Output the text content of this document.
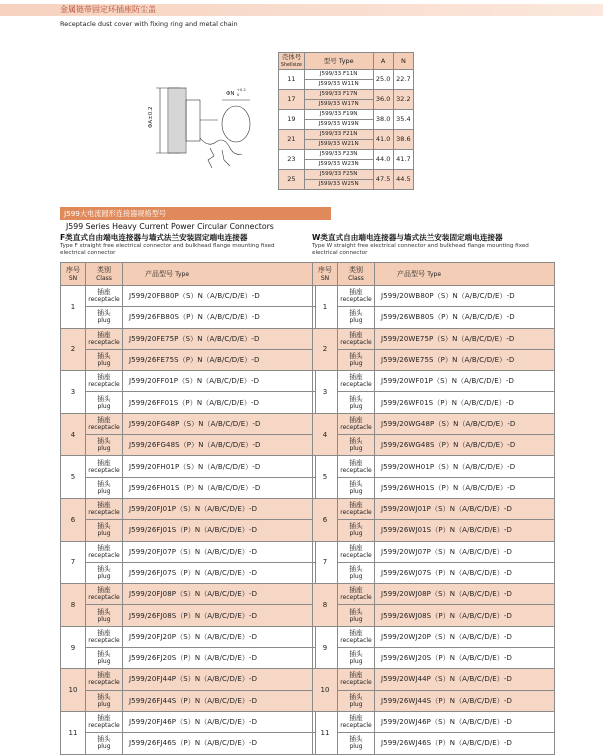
金属链带固定环插座防尘盖
Receptacle dust cover with fixing ring and metal chain
ΦA±0.2
ΦN
+0.2
0
壳体号
Shellsize	型号 Type	A	N
11	J599/33 F11N	25.0	22.7
	J599/33 W11N		
17	J599/33 F17N	36.0	32.2
	J599/33 W17N		
19	J599/33 F19N	38.0	35.4
	J599/33 W19N		
21	J599/33 F21N	41.0	38.6
	J599/33 W21N		
23	J599/33 F23N	44.0	41.7
	J599/33 W23N		
25	J599/33 F25N	47.5	44.5
	J599/33 W25N		
J599大电流圆形连接器规格型号
J599 Series Heavy Current Power Circular Connectors
F类直式自由端电连接器与墙式法兰安装固定端电连接器
Type F straight free electrical connector and bulkhead flange mounting fixed electrical connector
W类直式自由端电连接器与墙式法兰安装固定端电连接器
Type W straight free electrical connector and bulkhead flange mounting fixed electrical connector
序号
SN	类别
Class	产品型号 Type
1	插座
receptacle	J599/20FB80P（S）N（A/B/C/D/E）-D
	插头
plug	J599/26FB80S（P）N（A/B/C/D/E）-D
2	插座
receptacle	J599/20FE75P（S）N（A/B/C/D/E）-D
	插头
plug	J599/26FE75S（P）N（A/B/C/D/E）-D
3	插座
receptacle	J599/20FF01P（S）N（A/B/C/D/E）-D
	插头
plug	J599/26FF01S（P）N（A/B/C/D/E）-D
4	插座
receptacle	J599/20FG48P（S）N（A/B/C/D/E）-D
	插头
plug	J599/26FG48S（P）N（A/B/C/D/E）-D
5	插座
receptacle	J599/20FH01P（S）N（A/B/C/D/E）-D
	插头
plug	J599/26FH01S（P）N（A/B/C/D/E）-D
6	插座
receptacle	J599/20FJ01P（S）N（A/B/C/D/E）-D
	插头
plug	J599/26FJ01S（P）N（A/B/C/D/E）-D
7	插座
receptacle	J599/20FJ07P（S）N（A/B/C/D/E）-D
	插头
plug	J599/26FJ07S（P）N（A/B/C/D/E）-D
8	插座
receptacle	J599/20FJ08P（S）N（A/B/C/D/E）-D
	插头
plug	J599/26FJ08S（P）N（A/B/C/D/E）-D
9	插座
receptacle	J599/20FJ20P（S）N（A/B/C/D/E）-D
	插头
plug	J599/26FJ20S（P）N（A/B/C/D/E）-D
10	插座
receptacle	J599/20FJ44P（S）N（A/B/C/D/E）-D
	插头
plug	J599/26FJ44S（P）N（A/B/C/D/E）-D
11	插座
receptacle	J599/20FJ46P（S）N（A/B/C/D/E）-D
	插头
plug	J599/26FJ46S（P）N（A/B/C/D/E）-D
序号
SN	类别
Class	产品型号 Type
1	插座
receptacle	J599/20WB80P（S）N（A/B/C/D/E）-D
	插头
plug	J599/26WB80S（P）N（A/B/C/D/E）-D
2	插座
receptacle	J599/20WE75P（S）N（A/B/C/D/E）-D
	插头
plug	J599/26WE75S（P）N（A/B/C/D/E）-D
3	插座
receptacle	J599/20WF01P（S）N（A/B/C/D/E）-D
	插头
plug	J599/26WF01S（P）N（A/B/C/D/E）-D
4	插座
receptacle	J599/20WG48P（S）N（A/B/C/D/E）-D
	插头
plug	J599/26WG48S（P）N（A/B/C/D/E）-D
5	插座
receptacle	J599/20WH01P（S）N（A/B/C/D/E）-D
	插头
plug	J599/26WH01S（P）N（A/B/C/D/E）-D
6	插座
receptacle	J599/20WJ01P（S）N（A/B/C/D/E）-D
	插头
plug	J599/26WJ01S（P）N（A/B/C/D/E）-D
7	插座
receptacle	J599/20WJ07P（S）N（A/B/C/D/E）-D
	插头
plug	J599/26WJ07S（P）N（A/B/C/D/E）-D
8	插座
receptacle	J599/20WJ08P（S）N（A/B/C/D/E）-D
	插头
plug	J599/26WJ08S（P）N（A/B/C/D/E）-D
9	插座
receptacle	J599/20WJ20P（S）N（A/B/C/D/E）-D
	插头
plug	J599/26WJ20S（P）N（A/B/C/D/E）-D
10	插座
receptacle	J599/20WJ44P（S）N（A/B/C/D/E）-D
	插头
plug	J599/26WJ44S（P）N（A/B/C/D/E）-D
11	插座
receptacle	J599/20WJ46P（S）N（A/B/C/D/E）-D
	插头
plug	J599/26WJ46S（P）N（A/B/C/D/E）-D
